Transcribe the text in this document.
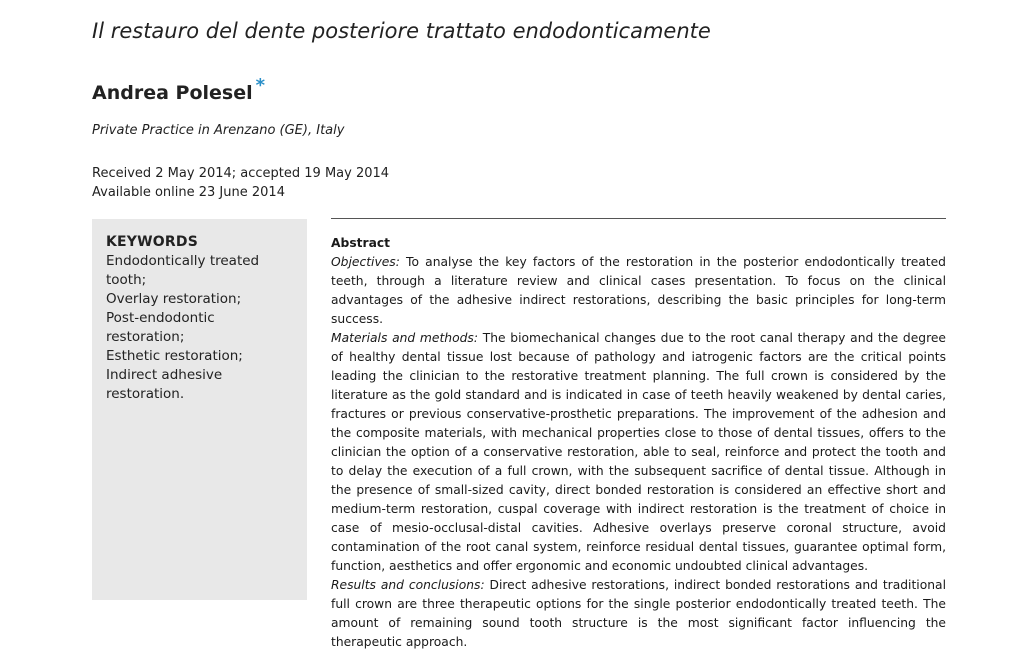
Il restauro del dente posteriore trattato endodonticamente
Andrea Polesel *
Private Practice in Arenzano (GE), Italy
Received 2 May 2014; accepted 19 May 2014
Available online 23 June 2014
KEYWORDS
Endodontically treated tooth;
Overlay restoration;
Post-endodontic restoration;
Esthetic restoration;
Indirect adhesive restoration.
Abstract

Objectives: To analyse the key factors of the restoration in the posterior endodontically treated teeth, through a literature review and clinical cases presentation. To focus on the clinical advantages of the adhesive indirect restorations, describing the basic principles for long-term success.

Materials and methods: The biomechanical changes due to the root canal therapy and the degree of healthy dental tissue lost because of pathology and iatrogenic factors are the critical points leading the clinician to the restorative treatment planning. The full crown is considered by the literature as the gold standard and is indicated in case of teeth heavily weakened by dental caries, fractures or previous conservative-prosthetic preparations. The improvement of the adhesion and the composite materials, with mechanical properties close to those of dental tissues, offers to the clinician the option of a conservative restoration, able to seal, reinforce and protect the tooth and to delay the execution of a full crown, with the subsequent sacrifice of dental tissue. Although in the presence of small-sized cavity, direct bonded restoration is considered an effective short and medium-term restoration, cuspal coverage with indirect restoration is the treatment of choice in case of mesio-occlusal-distal cavities. Adhesive overlays preserve coronal structure, avoid contamination of the root canal system, reinforce residual dental tissues, guarantee optimal form, function, aesthetics and offer ergonomic and economic undoubted clinical advantages.

Results and conclusions: Direct adhesive restorations, indirect bonded restorations and traditional full crown are three therapeutic options for the single posterior endodontically treated teeth. The amount of remaining sound tooth structure is the most significant factor influencing the therapeutic approach.
